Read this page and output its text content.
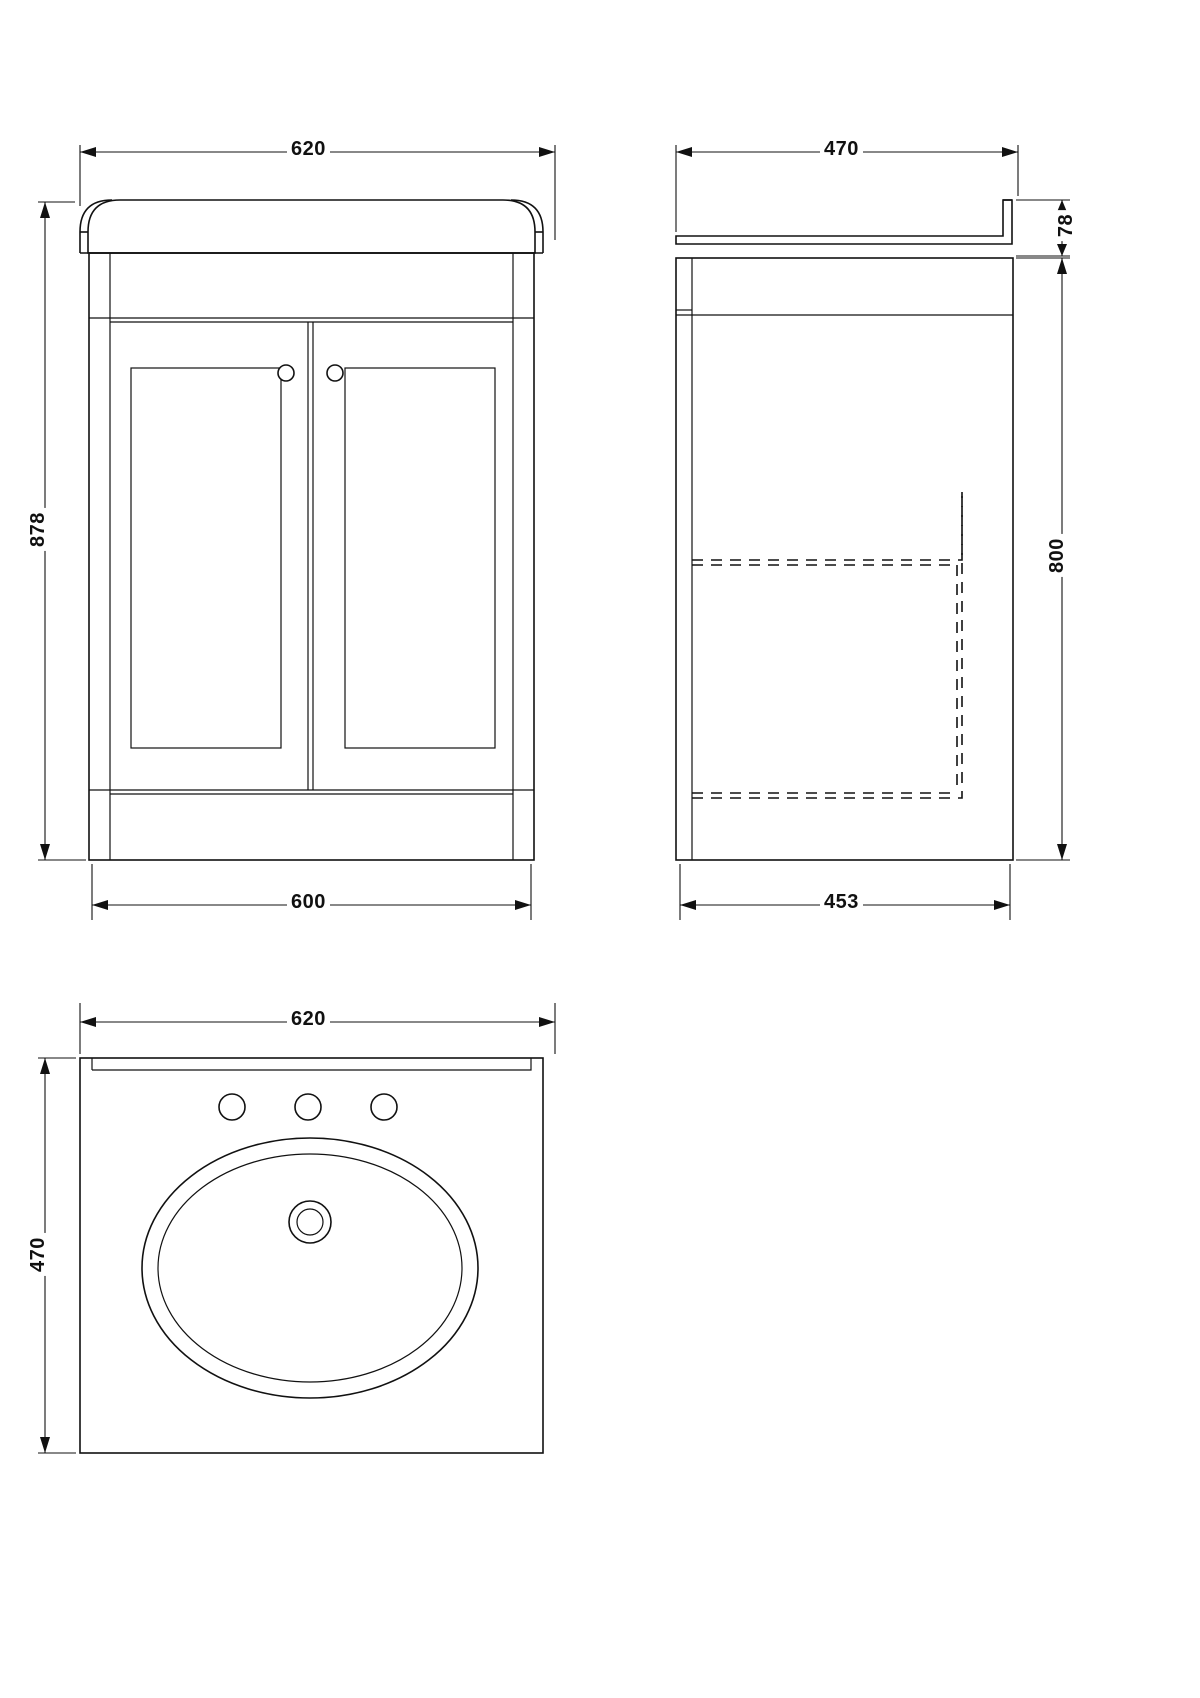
620
878
600
470
78
800
453
620
470
